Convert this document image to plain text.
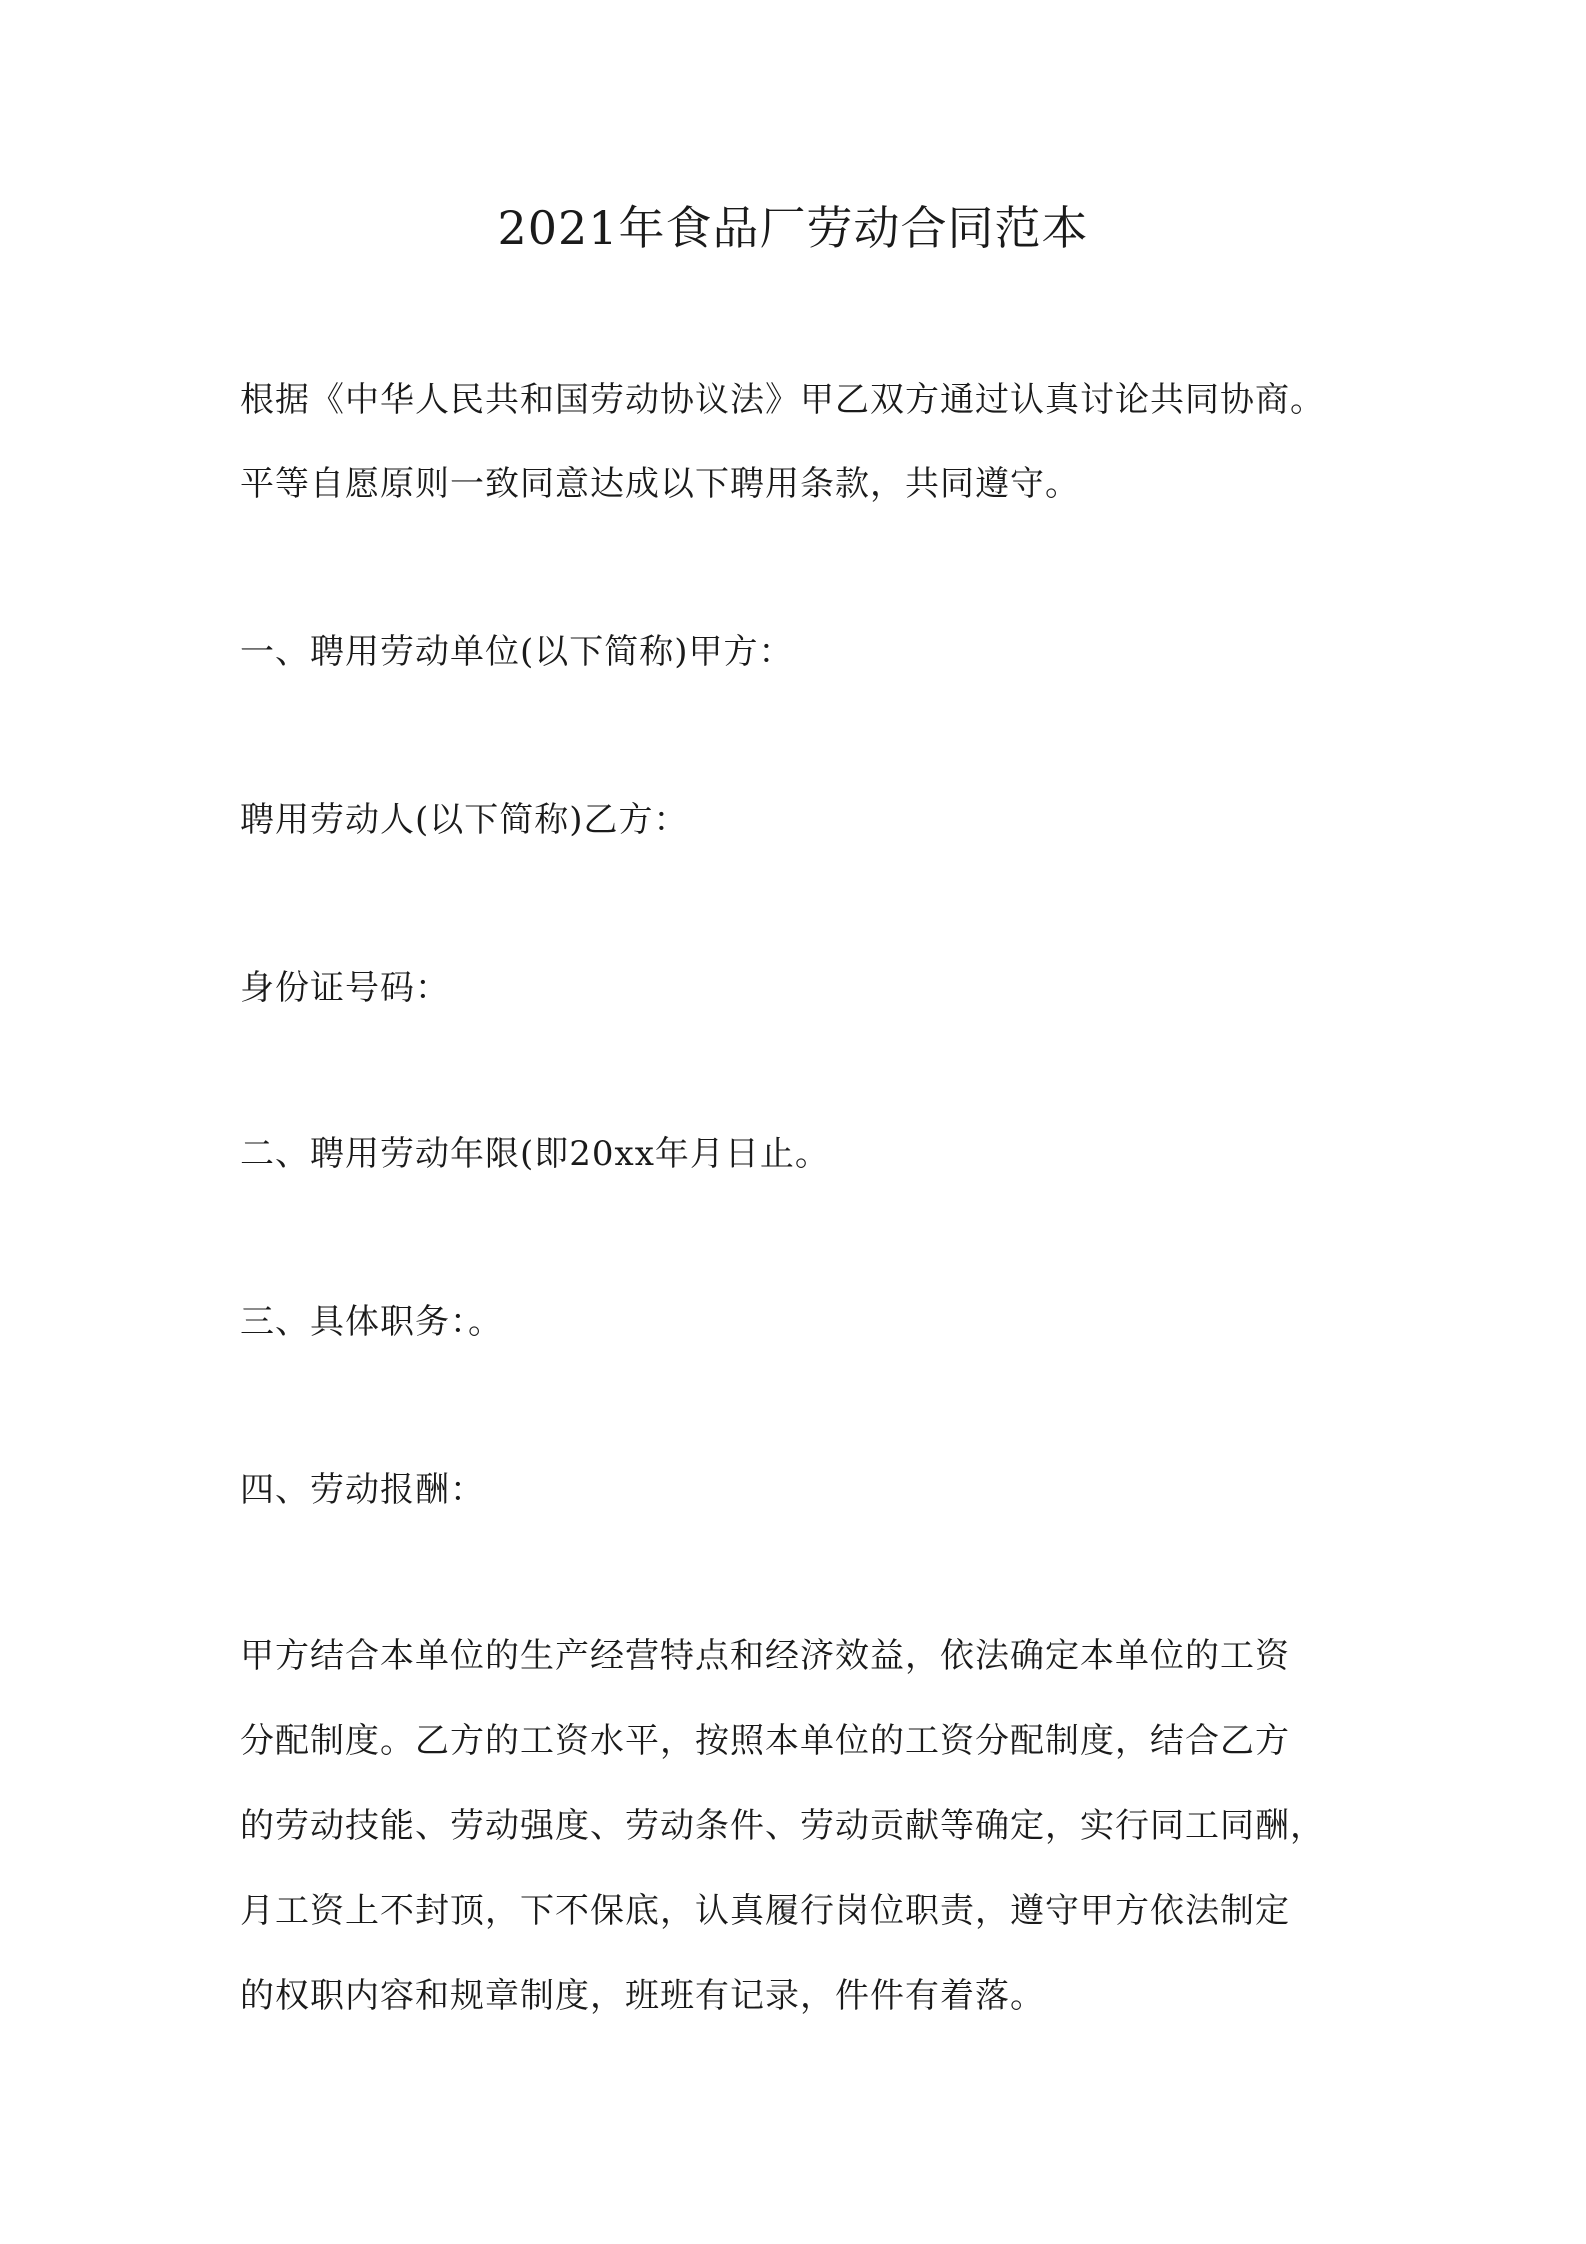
2021年食品厂劳动合同范本
根据《中华人民共和国劳动协议法》甲乙双方通过认真讨论共同协商。
平等自愿原则一致同意达成以下聘用条款，共同遵守。
一、聘用劳动单位(以下简称)甲方：
聘用劳动人(以下简称)乙方：
身份证号码：
二、聘用劳动年限(即20xx年月日止。
三、具体职务：。
四、劳动报酬：
甲方结合本单位的生产经营特点和经济效益，依法确定本单位的工资
分配制度。乙方的工资水平，按照本单位的工资分配制度，结合乙方
的劳动技能、劳动强度、劳动条件、劳动贡献等确定，实行同工同酬，
月工资上不封顶，下不保底，认真履行岗位职责，遵守甲方依法制定
的权职内容和规章制度，班班有记录，件件有着落。
